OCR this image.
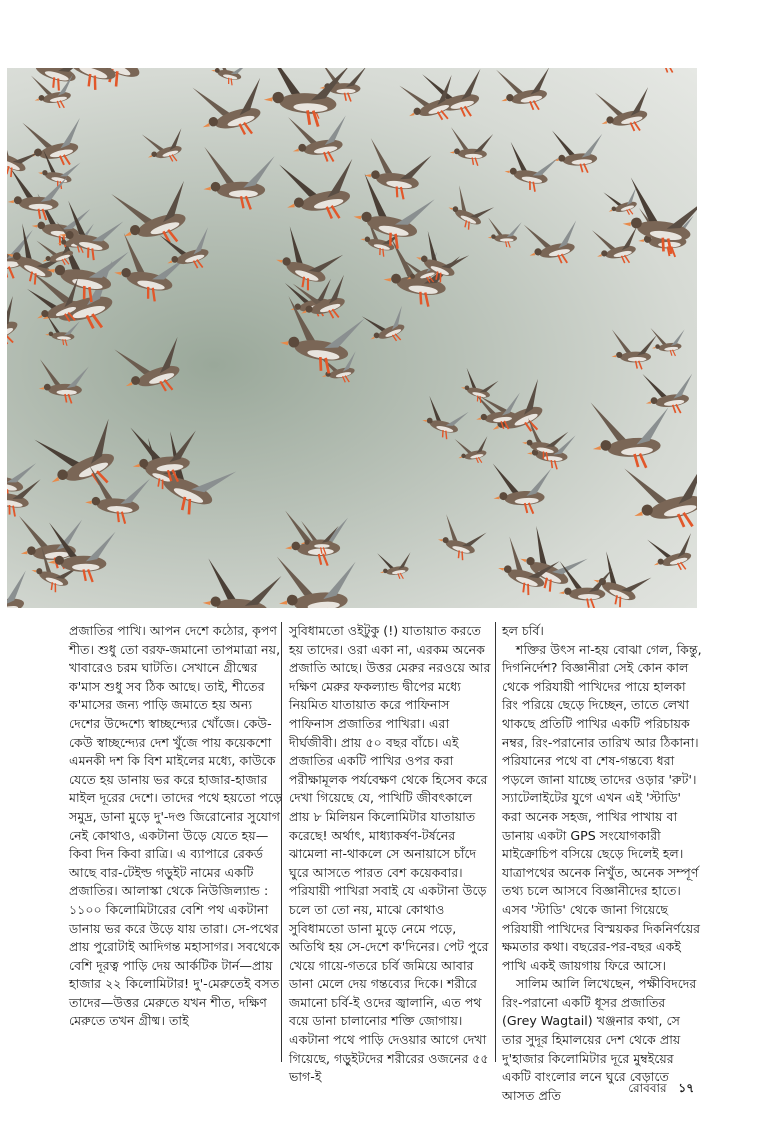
প্রজাতির পাখি। আপন দেশে কঠোর, কৃপণ শীত। শুধু তো বরফ-জমানো তাপমাত্রা নয়, খাবারেও চরম ঘাটতি। সেখানে গ্রীষ্মের ক'মাস শুধু সব ঠিক আছে। তাই, শীতের ক'মাসের জন্য পাড়ি জমাতে হয় অন্য দেশের উদ্দেশ্যে স্বাচ্ছন্দ্যের খোঁজে। কেউ-কেউ স্বাচ্ছন্দ্যের দেশ খুঁজে পায় কয়েকশো এমনকী দশ কি বিশ মাইলের মধ্যে, কাউকে যেতে হয় ডানায় ভর করে হাজার-হাজার মাইল দূরের দেশে। তাদের পথে হয়তো পড়ে সমুদ্র, ডানা মুড়ে দু'-দণ্ড জিরোনোর সুযোগ নেই কোথাও, একটানা উড়ে যেতে হয়—কিবা দিন কিবা রাত্রি। এ ব্যাপারে রেকর্ড আছে বার-টেইল্ড গড়ুইট নামের একটি প্রজাতির। আলাস্কা থেকে নিউজিল্যান্ড : ১১০০ কিলোমিটারের বেশি পথ একটানা ডানায় ভর করে উড়ে যায় তারা। সে-পথের প্রায় পুরোটাই আদিগন্ত মহাসাগর। সবথেকে বেশি দূরত্ব পাড়ি দেয় আর্কটিক টার্ন—প্রায় হাজার ২২ কিলোমিটার! দু'-মেরুতেই বসত তাদের—উত্তর মেরুতে যখন শীত, দক্ষিণ মেরুতে তখন গ্রীষ্ম। তাই

সুবিধামতো ওইটুকু (!) যাতায়াত করতে হয় তাদের। ওরা একা না, এরকম অনেক প্রজাতি আছে। উত্তর মেরুর নরওয়ে আর দক্ষিণ মেরুর ফকল্যান্ড দ্বীপের মধ্যে নিয়মিত যাতায়াত করে পাফিনাস পাফিনাস প্রজাতির পাখিরা। এরা দীর্ঘজীবী। প্রায় ৫০ বছর বাঁচে। এই প্রজাতির একটি পাখির ওপর করা পরীক্ষামূলক পর্যবেক্ষণ থেকে হিসেব করে দেখা গিয়েছে যে, পাখিটি জীবৎকালে প্রায় ৮ মিলিয়ন কিলোমিটার যাতায়াত করেছে! অর্থাৎ, মাধ্যাকর্ষণ-টর্ষনের ঝামেলা না-থাকলে সে অনায়াসে চাঁদে ঘুরে আসতে পারত বেশ কয়েকবার। পরিযায়ী পাখিরা সবাই যে একটানা উড়ে চলে তা তো নয়, মাঝে কোথাও সুবিধামতো ডানা মুড়ে নেমে পড়ে, অতিথি হয় সে-দেশে ক'দিনের। পেট পুরে খেয়ে গায়ে-গতরে চর্বি জমিয়ে আবার ডানা মেলে দেয় গন্তব্যের দিকে। শরীরে জমানো চর্বি-ই ওদের জ্বালানি, এত পথ বয়ে ডানা চালানোর শক্তি জোগায়। একটানা পথে পাড়ি দেওয়ার আগে দেখা গিয়েছে, গড়ুইটদের শরীরের ওজনের ৫৫ ভাগ-ই

হল চর্বি।

শক্তির উৎস না-হয় বোঝা গেল, কিন্তু, দিগনির্দেশ? বিজ্ঞানীরা সেই কোন কাল থেকে পরিযায়ী পাখিদের পায়ে হালকা রিং পরিয়ে ছেড়ে দিচ্ছেন, তাতে লেখা থাকছে প্রতিটি পাখির একটি পরিচায়ক নম্বর, রিং-পরানোর তারিখ আর ঠিকানা। পরিযানের পথে বা শেষ-গন্তব্যে ধরা পড়লে জানা যাচ্ছে তাদের ওড়ার 'রুট'। স্যাটেলাইটের যুগে এখন এই 'স্টাডি' করা অনেক সহজ, পাখির পাখায় বা ডানায় একটা GPS সংযোগকারী মাইক্রোচিপ বসিয়ে ছেড়ে দিলেই হল। যাত্রাপথের অনেক নিখুঁত, অনেক সম্পূর্ণ তথ্য চলে আসবে বিজ্ঞানীদের হাতে। এসব 'স্টাডি' থেকে জানা গিয়েছে পরিযায়ী পাখিদের বিস্ময়কর দিকনির্ণয়ের ক্ষমতার কথা। বছরের-পর-বছর একই পাখি একই জায়গায় ফিরে আসে।

সালিম আলি লিখেছেন, পক্ষীবিদদের রিং-পরানো একটি ধূসর প্রজাতির (Grey Wagtail) খঞ্জনার কথা, সে তার সুদূর হিমালয়ের দেশ থেকে প্রায় দু'হাজার কিলোমিটার দূরে মুম্বইয়ের একটি বাংলোর লনে ঘুরে বেড়াতে আসত প্রতি	রোববার ১৭
